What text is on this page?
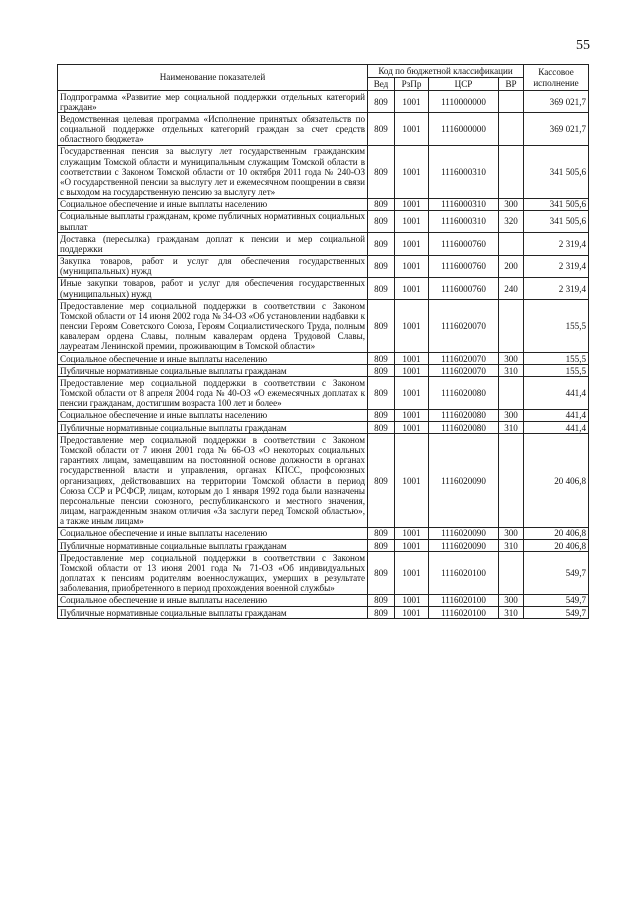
55
Наименование показателей	Код по бюджетной классификации				Кассовое исполнение
	Вед	РзПр	ЦСР	ВР	
Подпрограмма «Развитие мер социальной поддержки отдельных категорий граждан»	809	1001	1110000000		369 021,7
Ведомственная целевая программа «Исполнение принятых обязательств по социальной поддержке отдельных категорий граждан за счет средств областного бюджета»	809	1001	1116000000		369 021,7
Государственная пенсия за выслугу лет государственным гражданским служащим Томской области и муниципальным служащим Томской области в соответствии с Законом Томской области от 10 октября 2011 года № 240-ОЗ «О государственной пенсии за выслугу лет и ежемесячном поощрении в связи с выходом на государственную пенсию за выслугу лет»	809	1001	1116000310		341 505,6
Социальное обеспечение и иные выплаты населению	809	1001	1116000310	300	341 505,6
Социальные выплаты гражданам, кроме публичных нормативных социальных выплат	809	1001	1116000310	320	341 505,6
Доставка (пересылка) гражданам доплат к пенсии и мер социальной поддержки	809	1001	1116000760		2 319,4
Закупка товаров, работ и услуг для обеспечения государственных (муниципальных) нужд	809	1001	1116000760	200	2 319,4
Иные закупки товаров, работ и услуг для обеспечения государственных (муниципальных) нужд	809	1001	1116000760	240	2 319,4
Предоставление мер социальной поддержки в соответствии с Законом Томской области от 14 июня 2002 года № 34-ОЗ «Об установлении надбавки к пенсии Героям Советского Союза, Героям Социалистического Труда, полным кавалерам ордена Славы, полным кавалерам ордена Трудовой Славы, лауреатам Ленинской премии, проживающим в Томской области»	809	1001	1116020070		155,5
Социальное обеспечение и иные выплаты населению	809	1001	1116020070	300	155,5
Публичные нормативные социальные выплаты гражданам	809	1001	1116020070	310	155,5
Предоставление мер социальной поддержки в соответствии с Законом Томской области от 8 апреля 2004 года № 40-ОЗ «О ежемесячных доплатах к пенсии гражданам, достигшим возраста 100 лет и более»	809	1001	1116020080		441,4
Социальное обеспечение и иные выплаты населению	809	1001	1116020080	300	441,4
Публичные нормативные социальные выплаты гражданам	809	1001	1116020080	310	441,4
Предоставление мер социальной поддержки в соответствии с Законом Томской области от 7 июня 2001 года № 66-ОЗ «О некоторых социальных гарантиях лицам, замещавшим на постоянной основе должности в органах государственной власти и управления, органах КПСС, профсоюзных организациях, действовавших на территории Томской области в период Союза ССР и РСФСР, лицам, которым до 1 января 1992 года были назначены персональные пенсии союзного, республиканского и местного значения, лицам, награжденным знаком отличия «За заслуги перед Томской областью», а также иным лицам»	809	1001	1116020090		20 406,8
Социальное обеспечение и иные выплаты населению	809	1001	1116020090	300	20 406,8
Публичные нормативные социальные выплаты гражданам	809	1001	1116020090	310	20 406,8
Предоставление мер социальной поддержки в соответствии с Законом Томской области от 13 июня 2001 года № 71-ОЗ «Об индивидуальных доплатах к пенсиям родителям военнослужащих, умерших в результате заболевания, приобретенного в период прохождения военной службы»	809	1001	1116020100		549,7
Социальное обеспечение и иные выплаты населению	809	1001	1116020100	300	549,7
Публичные нормативные социальные выплаты гражданам	809	1001	1116020100	310	549,7
